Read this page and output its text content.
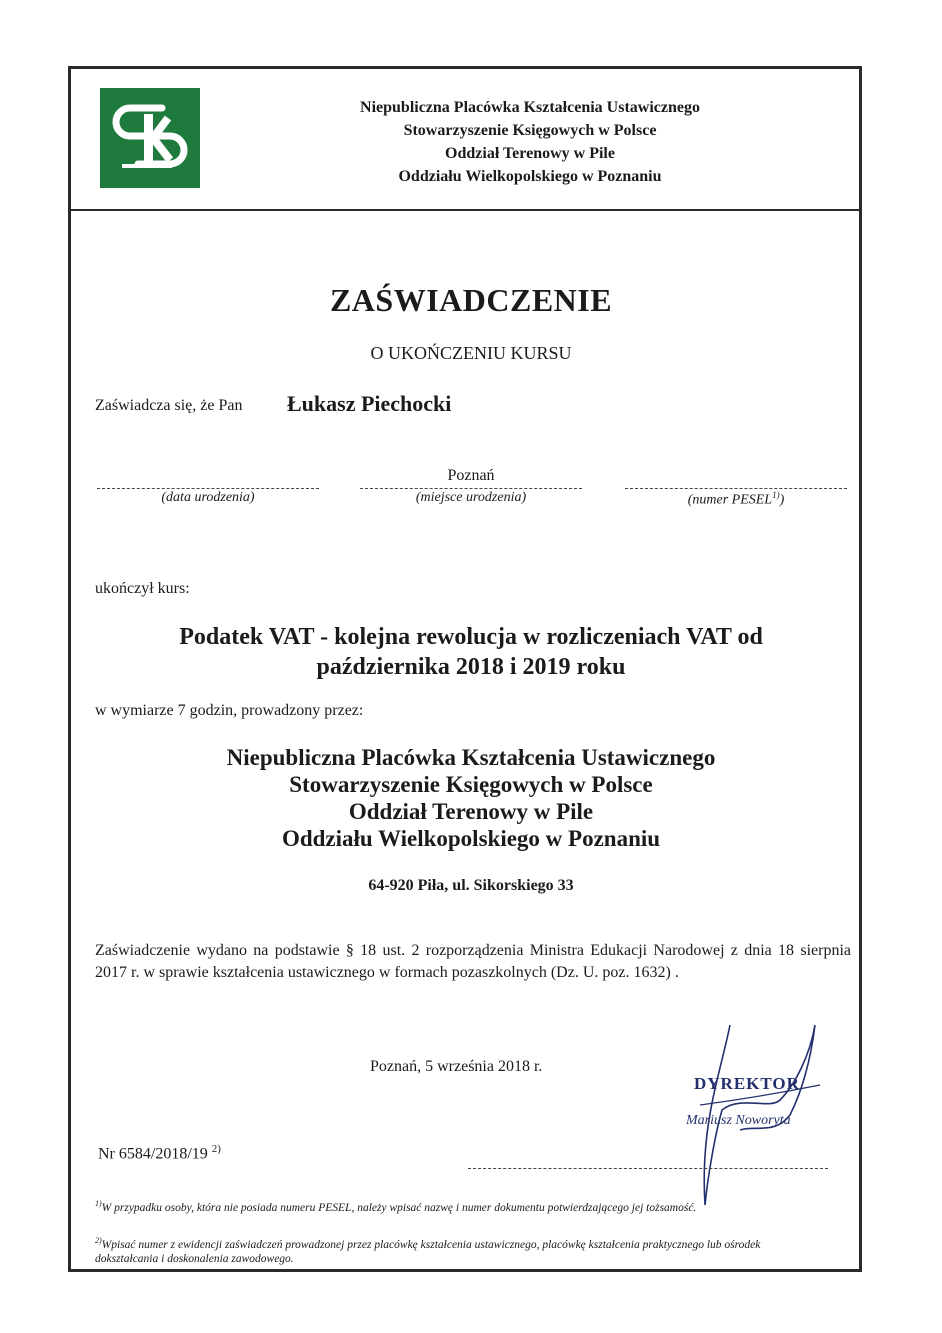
Niepubliczna Placówka Kształcenia Ustawicznego
Stowarzyszenie Księgowych w Polsce
Oddział Terenowy w Pile
Oddziału Wielkopolskiego w Poznaniu
ZAŚWIADCZENIE
O UKOŃCZENIU KURSU
Zaświadcza się, że Pan Łukasz Piechocki
(data urodzenia)
Poznań
(miejsce urodzenia)	(numer PESEL$^{1)}$)
ukończył kurs:
Podatek VAT - kolejna rewolucja w rozliczeniach VAT od
października 2018 i 2019 roku
w wymiarze 7 godzin, prowadzony przez:
Niepubliczna Placówka Kształcenia Ustawicznego
Stowarzyszenie Księgowych w Polsce
Oddział Terenowy w Pile
Oddziału Wielkopolskiego w Poznaniu
64-920 Piła, ul. Sikorskiego 33
Zaświadczenie wydano na podstawie § 18 ust. 2 rozporządzenia Ministra Edukacji Narodowej z dnia 18 sierpnia 2017 r. w sprawie kształcenia ustawicznego w formach pozaszkolnych (Dz. U. poz. 1632) .
Poznań, 5 września 2018 r.
Nr 6584/2018/19 $^{2)}$
DYREKTOR
Mariusz Noworyta
$^{1)}$W przypadku osoby, która nie posiada numeru PESEL, należy wpisać nazwę i numer dokumentu potwierdzającego jej tożsamość.
$^{2)}$Wpisać numer z ewidencji zaświadczeń prowadzonej przez placówkę kształcenia ustawicznego, placówkę kształcenia praktycznego lub ośrodek dokształcania i doskonalenia zawodowego.
